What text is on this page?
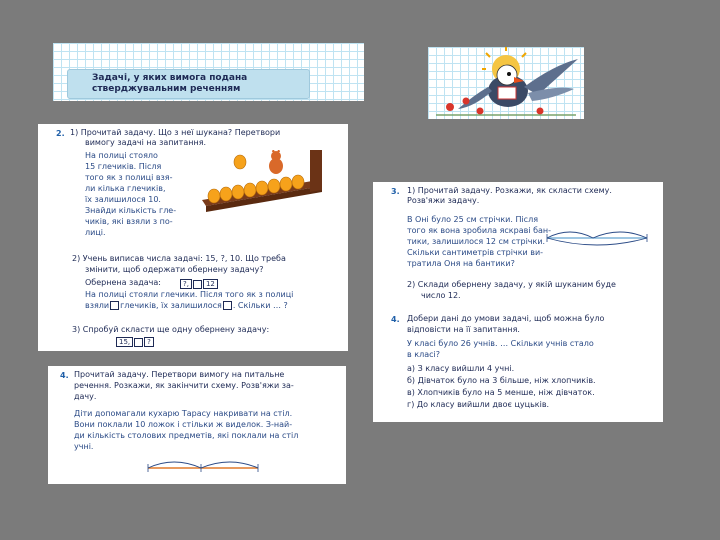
Задачі, у яких вимога подана
стверджувальним реченням
2. 1) Прочитай задачу. Що з неї шукана? Перетвори
вимогу задачі на запитання.
На полиці стояло
15 глечиків. Після
того як з полиці взя-
ли кілька глечиків,
їх залишилося 10.
Знайди кількість гле-
чиків, які взяли з по-
лиці.
2) Учень виписав числа задачі: 15, ?, 10. Що треба
змінити, щоб одержати обернену задачу?
Обернена задача:	?, 12
На полиці стояли глечики. Після того як з полиці
взяли глечиків, їх залишилося . Скільки … ?
3) Спробуй скласти ще одну обернену задачу:
15, ?
3. 1) Прочитай задачу. Розкажи, як скласти схему.
Розв'яжи задачу.
В Оні було 25 см стрічки. Після
того як вона зробила яскраві бан-
тики, залишилося 12 см стрічки.
Скільки сантиметрів стрічки ви-
тратила Оня на бантики?
2) Склади обернену задачу, у якій шуканим буде
число 12.
4. Добери дані до умови задачі, щоб можна було
відповісти на її запитання.
У класі було 26 учнів. … Скільки учнів стало
в класі?
а) З класу вийшли 4 учні.
б) Дівчаток було на 3 більше, ніж хлопчиків.
в) Хлопчиків було на 5 менше, ніж дівчаток.
г) До класу вийшли двоє цуцьків.
4. Прочитай задачу. Перетвори вимогу на питальне
речення. Розкажи, як закінчити схему. Розв'яжи за-
дачу.
Діти допомагали кухарю Тарасу накривати на стіл.
Вони поклали 10 ложок і стільки ж виделок. З-най-
ди кількість столових предметів, які поклали на стіл
учні.
